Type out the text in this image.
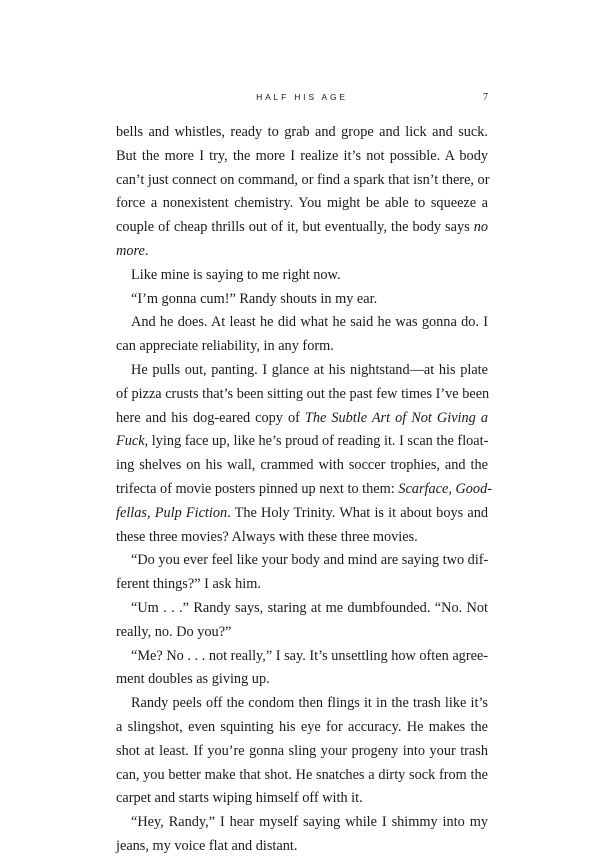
HALF HIS AGE	7
bells and whistles, ready to grab and grope and lick and suck.
But the more I try, the more I realize it’s not possible. A body
can’t just connect on command, or find a spark that isn’t there, or
force a nonexistent chemistry. You might be able to squeeze a
couple of cheap thrills out of it, but eventually, the body says no
more.
Like mine is saying to me right now.
“I’m gonna cum!” Randy shouts in my ear.
And he does. At least he did what he said he was gonna do. I
can appreciate reliability, in any form.
He pulls out, panting. I glance at his nightstand—at his plate
of pizza crusts that’s been sitting out the past few times I’ve been
here and his dog-eared copy of The Subtle Art of Not Giving a
Fuck, lying face up, like he’s proud of reading it. I scan the float-
ing shelves on his wall, crammed with soccer trophies, and the
trifecta of movie posters pinned up next to them: Scarface, Good-
fellas, Pulp Fiction. The Holy Trinity. What is it about boys and
these three movies? Always with these three movies.
“Do you ever feel like your body and mind are saying two dif-
ferent things?” I ask him.
“Um . . .” Randy says, staring at me dumbfounded. “No. Not
really, no. Do you?”
“Me? No . . . not really,” I say. It’s unsettling how often agree-
ment doubles as giving up.
Randy peels off the condom then flings it in the trash like it’s
a slingshot, even squinting his eye for accuracy. He makes the
shot at least. If you’re gonna sling your progeny into your trash
can, you better make that shot. He snatches a dirty sock from the
carpet and starts wiping himself off with it.
“Hey, Randy,” I hear myself saying while I shimmy into my
jeans, my voice flat and distant.
